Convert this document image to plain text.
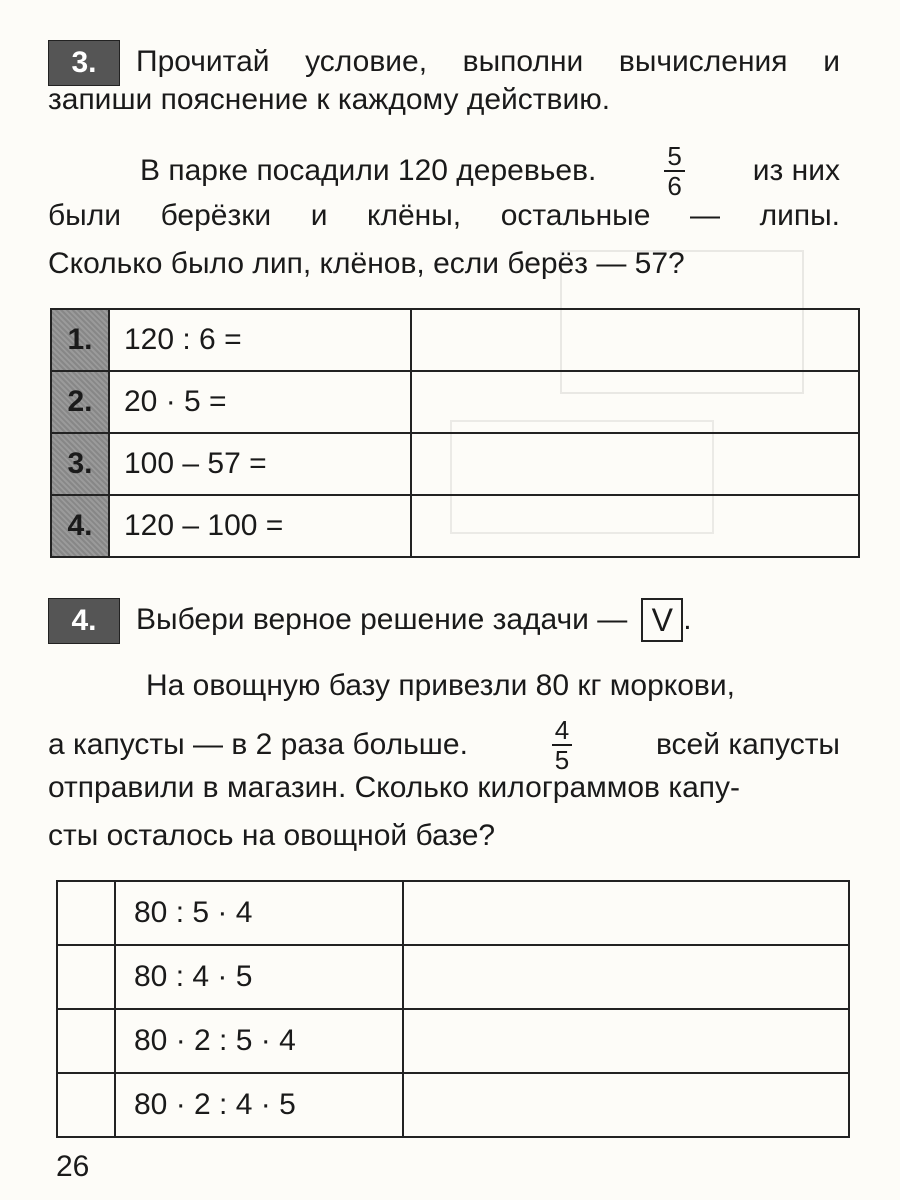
3.	Прочитай условие, выполни вычисления и
запиши пояснение к каждому действию.
В парке посадили 120 деревьев.	$\frac{5}{6}$ из них
были берёзки и клёны, остальные — липы.
Сколько было лип, клёнов, если берёз — 57?
1.	120 : 6 =	
2.	20 · 5 =	
3.	100 – 57 =	
4.	120 – 100 =	
4.	Выбери верное решение задачи — V .
На овощную базу привезли 80 кг моркови,
а капусты — в 2 раза больше.	$\frac{4}{5}$	всей капусты
отправили в магазин. Сколько килограммов капу-
сты осталось на овощной базе?
	80 : 5 · 4	
	80 : 4 · 5	
	80 · 2 : 5 · 4	
	80 · 2 : 4 · 5	
26
